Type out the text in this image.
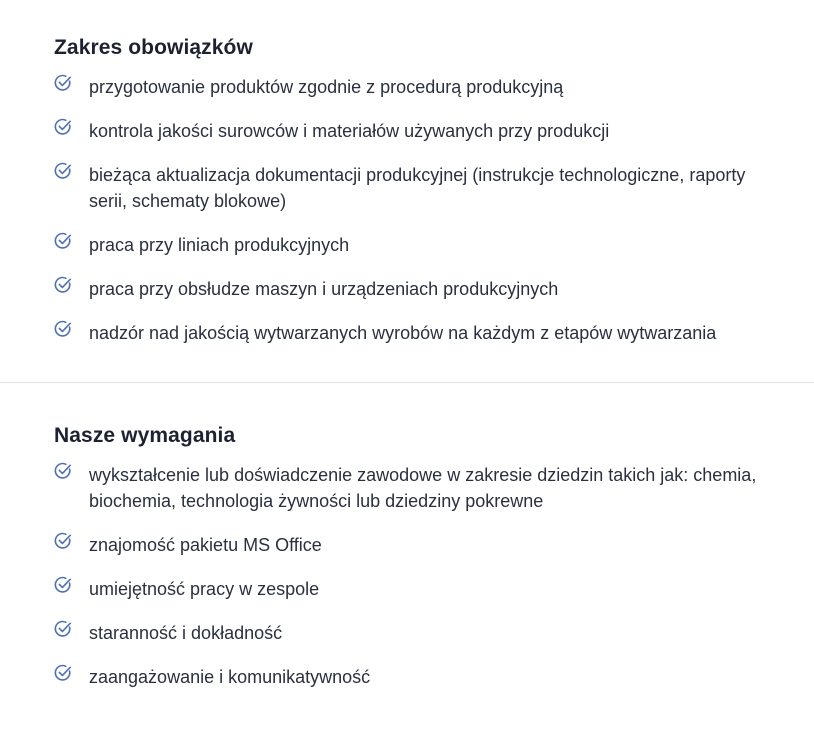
Zakres obowiązków
przygotowanie produktów zgodnie z procedurą produkcyjną
kontrola jakości surowców i materiałów używanych przy produkcji
bieżąca aktualizacja dokumentacji produkcyjnej (instrukcje technologiczne, raporty serii, schematy blokowe)
praca przy liniach produkcyjnych
praca przy obsłudze maszyn i urządzeniach produkcyjnych
nadzór nad jakością wytwarzanych wyrobów na każdym z etapów wytwarzania
Nasze wymagania
wykształcenie lub doświadczenie zawodowe w zakresie dziedzin takich jak: chemia, biochemia, technologia żywności lub dziedziny pokrewne
znajomość pakietu MS Office
umiejętność pracy w zespole
staranność i dokładność
zaangażowanie i komunikatywność
